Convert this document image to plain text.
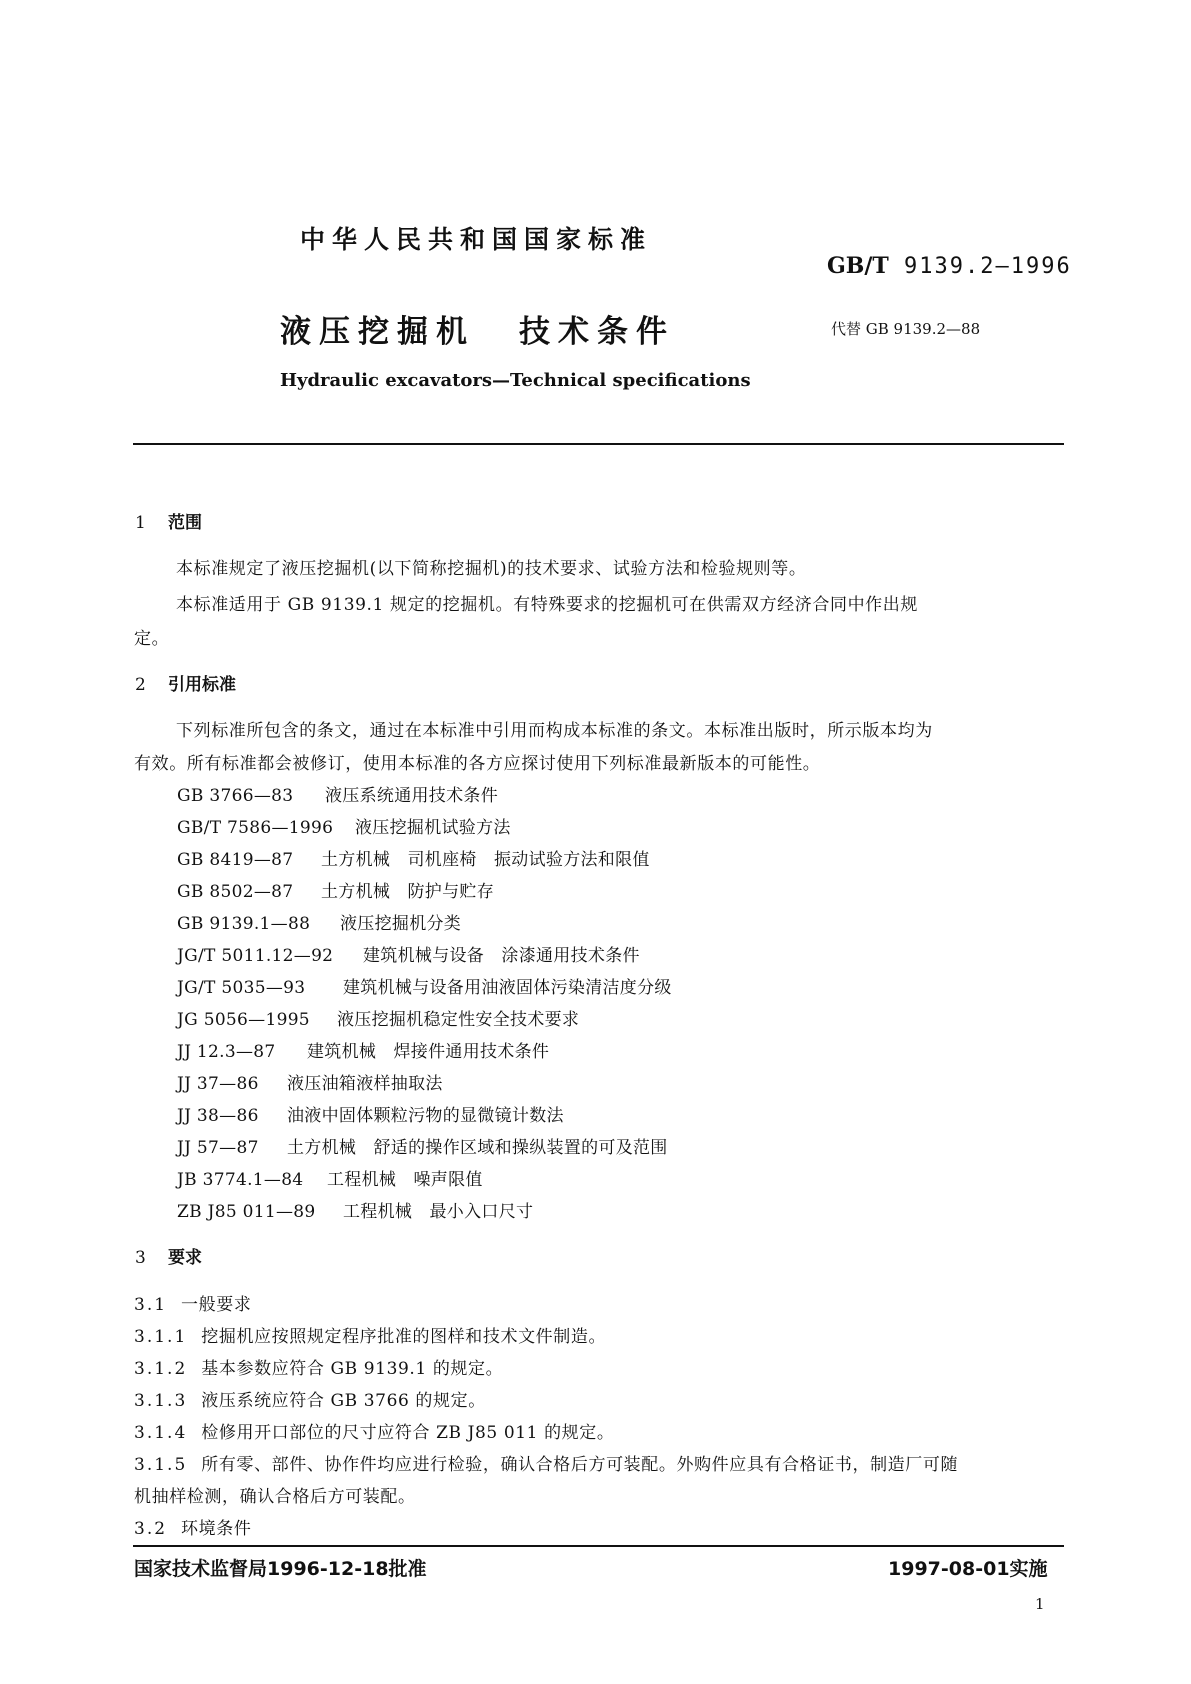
中华人民共和国国家标准
GB/T 9139.2—1996
液压挖掘机 技术条件	代替 GB 9139.2—88
Hydraulic excavators—Technical specifications
1 范围
本标准规定了液压挖掘机(以下简称挖掘机)的技术要求、试验方法和检验规则等。
本标准适用于 GB 9139.1 规定的挖掘机。有特殊要求的挖掘机可在供需双方经济合同中作出规
定。
2 引用标准
下列标准所包含的条文，通过在本标准中引用而构成本标准的条文。本标准出版时，所示版本均为
有效。所有标准都会被修订，使用本标准的各方应探讨使用下列标准最新版本的可能性。
GB 3766—83 液压系统通用技术条件
GB/T 7586—1996 液压挖掘机试验方法
GB 8419—87 土方机械　司机座椅　振动试验方法和限值
GB 8502—87 土方机械　防护与贮存
GB 9139.1—88 液压挖掘机分类
JG/T 5011.12—92 建筑机械与设备　涂漆通用技术条件
JG/T 5035—93 建筑机械与设备用油液固体污染清洁度分级
JG 5056—1995 液压挖掘机稳定性安全技术要求
JJ 12.3—87 建筑机械　焊接件通用技术条件
JJ 37—86 液压油箱液样抽取法
JJ 38—86 油液中固体颗粒污物的显微镜计数法
JJ 57—87 土方机械　舒适的操作区域和操纵装置的可及范围
JB 3774.1—84 工程机械　噪声限值
ZB J85 011—89 工程机械　最小入口尺寸
3 要求
3.1 一般要求
3.1.1 挖掘机应按照规定程序批准的图样和技术文件制造。
3.1.2 基本参数应符合 GB 9139.1 的规定。
3.1.3 液压系统应符合 GB 3766 的规定。
3.1.4 检修用开口部位的尺寸应符合 ZB J85 011 的规定。
3.1.5 所有零、部件、协作件均应进行检验，确认合格后方可装配。外购件应具有合格证书，制造厂可随
机抽样检测，确认合格后方可装配。
3.2 环境条件
国家技术监督局1996-12-18批准	1997-08-01实施
1
